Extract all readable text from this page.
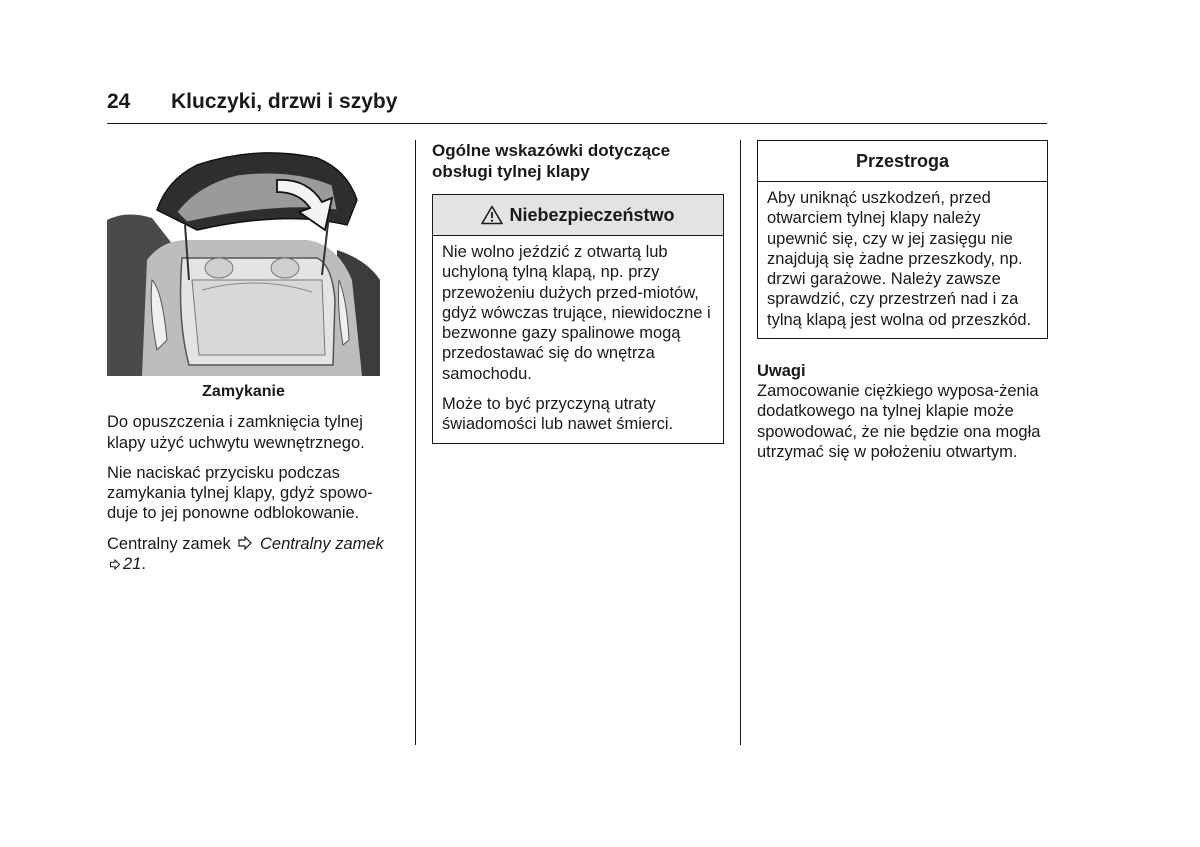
24 Kluczyki, drzwi i szyby
Zamykanie

Do opuszczenia i zamknięcia tylnej klapy użyć uchwytu wewnętrznego.

Nie naciskać przycisku podczas zamykania tylnej klapy, gdyż spowo-duje to jej ponowne odblokowanie.

Centralny zamek Centralny zamek 21.

Ogólne wskazówki dotyczące obsługi tylnej klapy
Niebezpieczeństwo

Nie wolno jeździć z otwartą lub uchyloną tylną klapą, np. przy przewożeniu dużych przed-miotów, gdyż wówczas trujące, niewidoczne i bezwonne gazy spalinowe mogą przedostawać się do wnętrza samochodu.

Może to być przyczyną utraty świadomości lub nawet śmierci.

Przestroga

Aby uniknąć uszkodzeń, przed otwarciem tylnej klapy należy upewnić się, czy w jej zasięgu nie znajdują się żadne przeszkody, np. drzwi garażowe. Należy zawsze sprawdzić, czy przestrzeń nad i za tylną klapą jest wolna od przeszkód.

Uwagi

Zamocowanie ciężkiego wyposa-żenia dodatkowego na tylnej klapie może spowodować, że nie będzie ona mogła utrzymać się w położeniu otwartym.
